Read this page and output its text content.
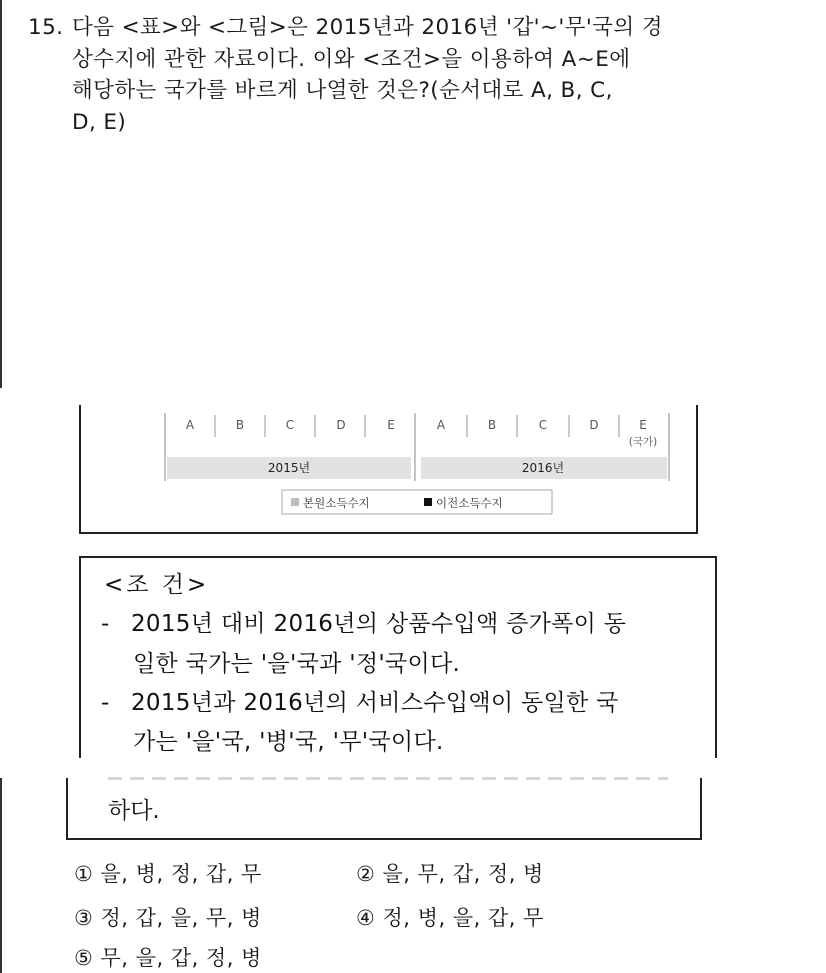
15. 다음 <표>와 <그림>은 2015년과 2016년 '갑'~'무'국의 경
상수지에 관한 자료이다. 이와 <조건>을 이용하여 A~E에
해당하는 국가를 바르게 나열한 것은?(순서대로 A, B, C,
D, E)
A	B	C	D	E	A	B	C	D	E
(국가)
2015년	2016년
본원소득수지	이전소득수지
<조 건>
- 2015년 대비 2016년의 상품수입액 증가폭이 동
일한 국가는 '을'국과 '정'국이다.
- 2015년과 2016년의 서비스수입액이 동일한 국
가는 '을'국, '병'국, '무'국이다.
하다.
① 을, 병, 정, 갑, 무	② 을, 무, 갑, 정, 병
③ 정, 갑, 을, 무, 병	④ 정, 병, 을, 갑, 무
⑤ 무, 을, 갑, 정, 병
